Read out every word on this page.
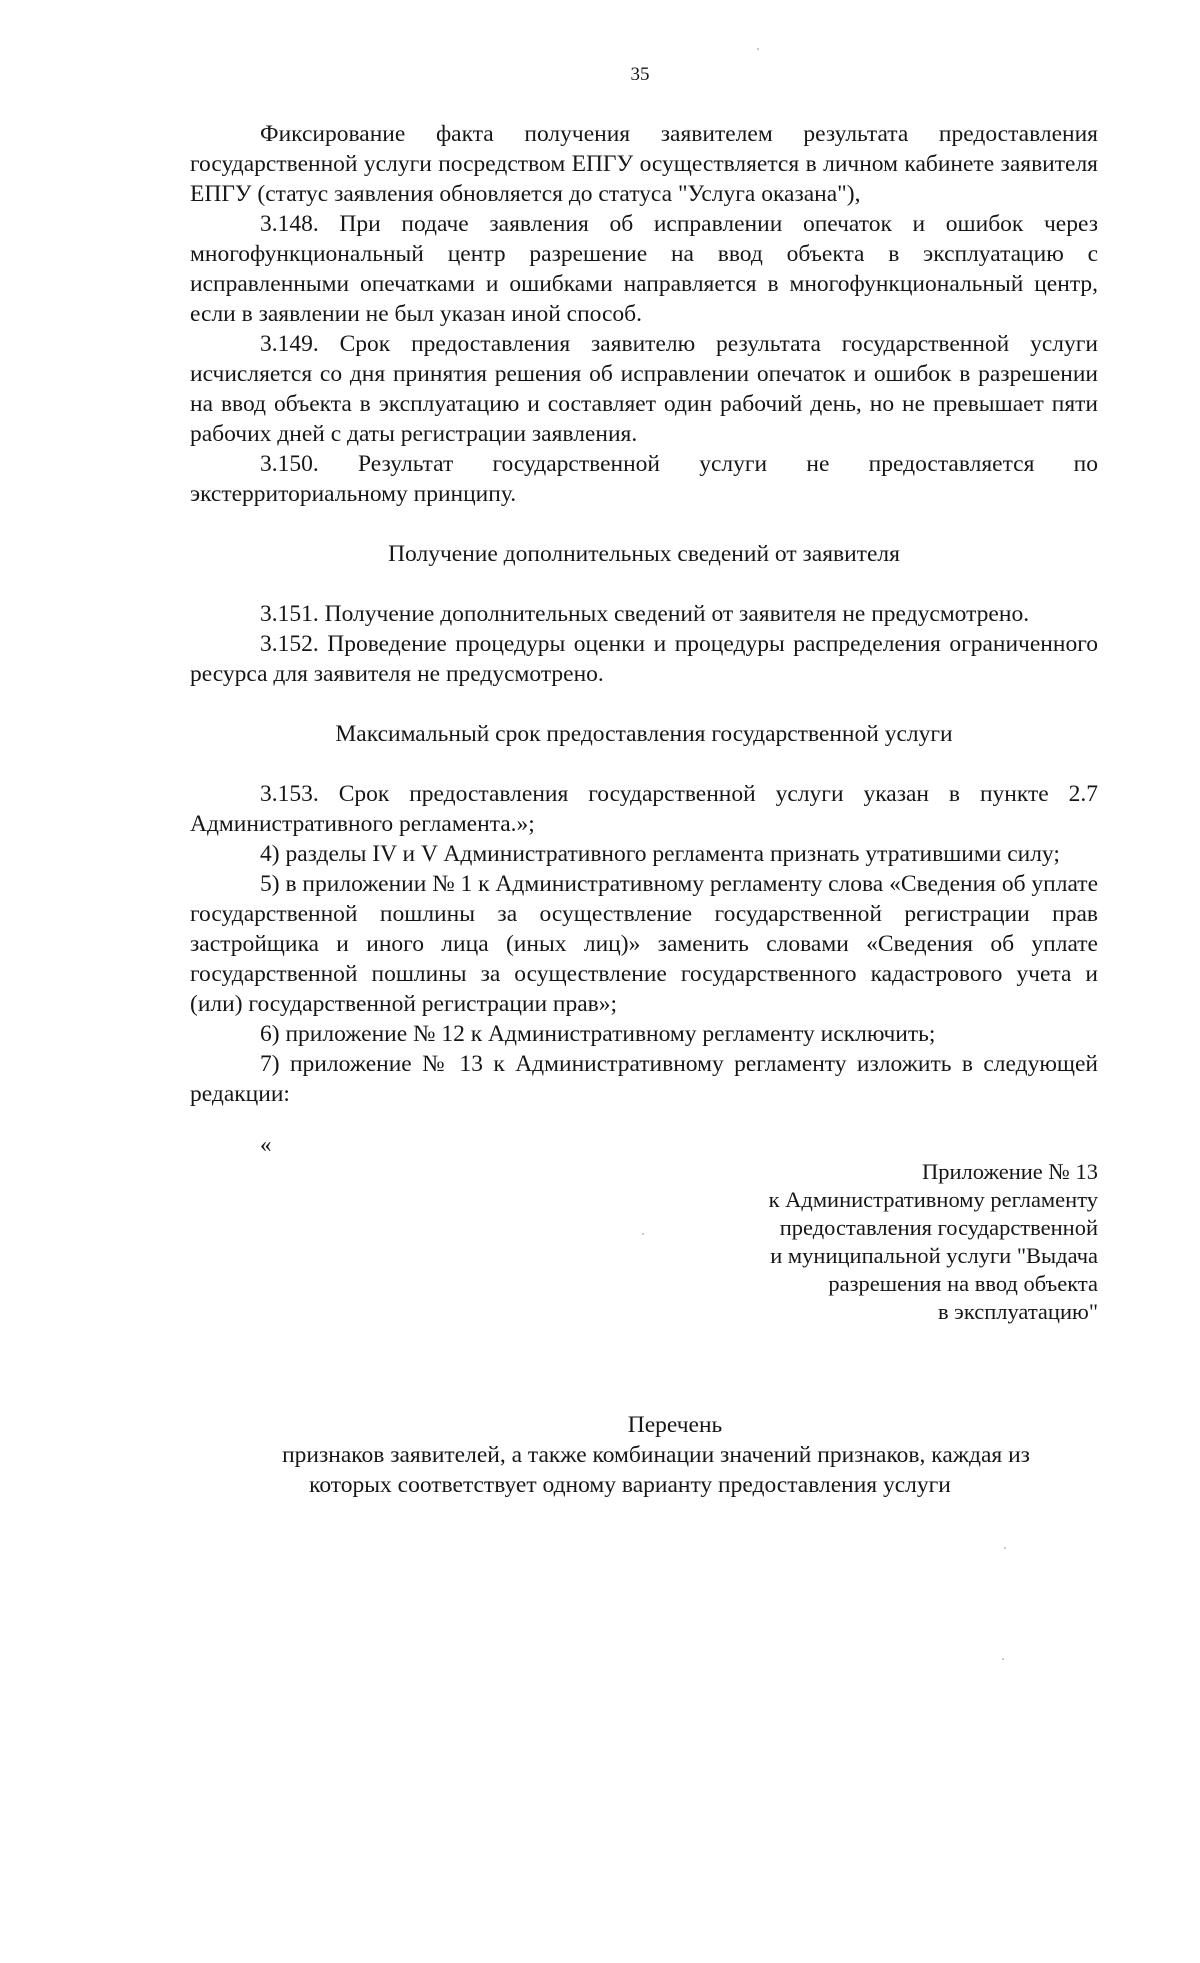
35

Фиксирование факта получения заявителем результата предоставления государственной услуги посредством ЕПГУ осуществляется в личном кабинете заявителя ЕПГУ (статус заявления обновляется до статуса "Услуга оказана"),

3.148. При подаче заявления об исправлении опечаток и ошибок через многофункциональный центр разрешение на ввод объекта в эксплуатацию с исправленными опечатками и ошибками направляется в многофункциональный центр, если в заявлении не был указан иной способ.

3.149. Срок предоставления заявителю результата государственной услуги исчисляется со дня принятия решения об исправлении опечаток и ошибок в разрешении на ввод объекта в эксплуатацию и составляет один рабочий день, но не превышает пяти рабочих дней с даты регистрации заявления.

3.150. Результат государственной услуги не предоставляется по экстерриториальному принципу.

Получение дополнительных сведений от заявителя

3.151. Получение дополнительных сведений от заявителя не предусмотрено.

3.152. Проведение процедуры оценки и процедуры распределения ограниченного ресурса для заявителя не предусмотрено.

Максимальный срок предоставления государственной услуги

3.153. Срок предоставления государственной услуги указан в пункте 2.7 Административного регламента.»;

4) разделы IV и V Административного регламента признать утратившими силу;

5) в приложении № 1 к Административному регламенту слова «Сведения об уплате государственной пошлины за осуществление государственной регистрации прав застройщика и иного лица (иных лиц)» заменить словами «Сведения об уплате государственной пошлины за осуществление государственного кадастрового учета и (или) государственной регистрации прав»;

6) приложение № 12 к Административному регламенту исключить;

7) приложение № 13 к Административному регламенту изложить в следующей редакции:

«
Приложение № 13
к Административному регламенту
предоставления государственной
и муниципальной услуги "Выдача
разрешения на ввод объекта
в эксплуатацию"
Перечень
признаков заявителей, а также комбинации значений признаков, каждая из
которых соответствует одному варианту предоставления услуги
